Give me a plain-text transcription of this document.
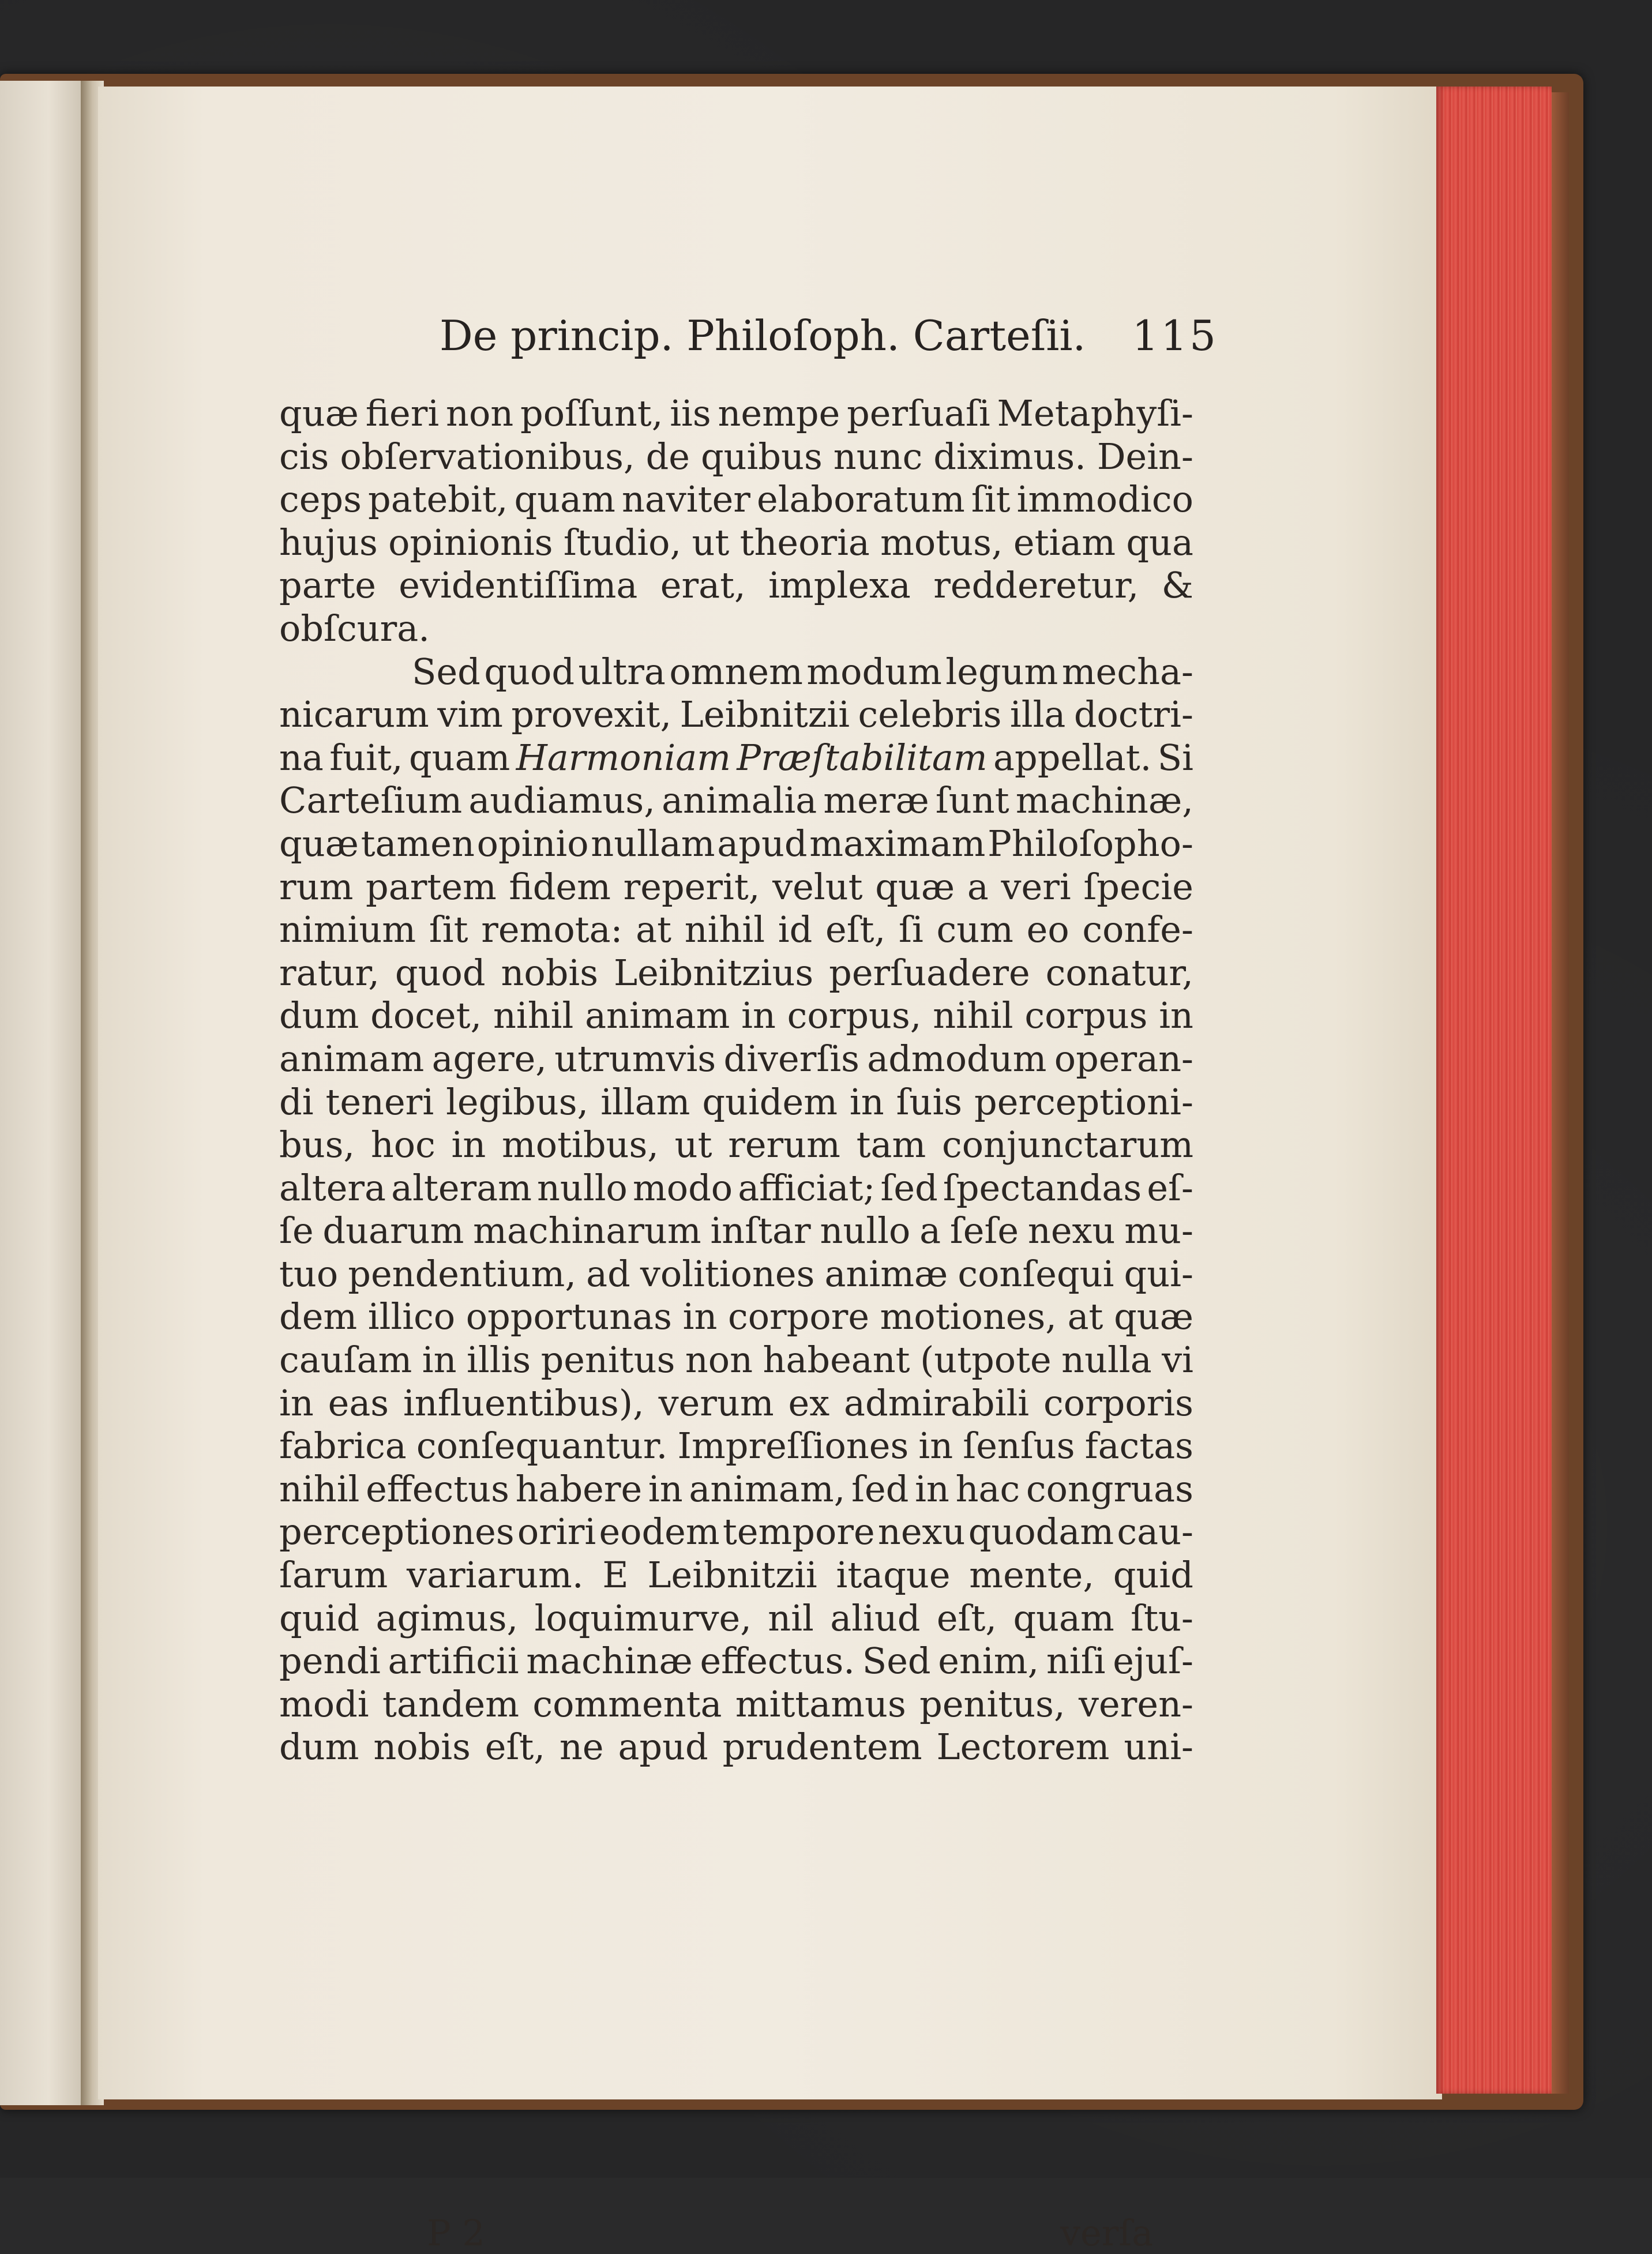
De princip. Philoſoph. Carteſii. 115
quæ fieri non poſſunt, iis nempe perſuaſi Metaphyſi-
cis obſervationibus, de quibus nunc diximus. Dein-
ceps patebit, quam naviter elaboratum ſit immodico
hujus opinionis ſtudio, ut theoria motus, etiam qua
parte evidentiſſima erat, implexa redderetur, &
obſcura.
Sed quod ultra omnem modum legum mecha-
nicarum vim provexit, Leibnitzii celebris illa doctri-
na fuit, quam Harmoniam Præſtabilitam appellat. Si
Carteſium audiamus, animalia meræ ſunt machinæ,
quæ tamen opinio nullam apud maximam Philoſopho-
rum partem fidem reperit, velut quæ a veri ſpecie
nimium ſit remota: at nihil id eſt, ſi cum eo confe-
ratur, quod nobis Leibnitzius perſuadere conatur,
dum docet, nihil animam in corpus, nihil corpus in
animam agere, utrumvis diverſis admodum operan-
di teneri legibus, illam quidem in ſuis perceptioni-
bus, hoc in motibus, ut rerum tam conjunctarum
altera alteram nullo modo afficiat; ſed ſpectandas eſ-
ſe duarum machinarum inſtar nullo a ſeſe nexu mu-
tuo pendentium, ad volitiones animæ conſequi qui-
dem illico opportunas in corpore motiones, at quæ
cauſam in illis penitus non habeant (utpote nulla vi
in eas influentibus), verum ex admirabili corporis
fabrica conſequantur. Impreſſiones in ſenſus factas
nihil effectus habere in animam, ſed in hac congruas
perceptiones oriri eodem tempore nexu quodam cau-
ſarum variarum. E Leibnitzii itaque mente, quid
quid agimus, loquimurve, nil aliud eſt, quam ſtu-
pendi artificii machinæ effectus. Sed enim, niſi ejuſ-
modi tandem commenta mittamus penitus, veren-
dum nobis eſt, ne apud prudentem Lectorem uni-
P 2	verſa
